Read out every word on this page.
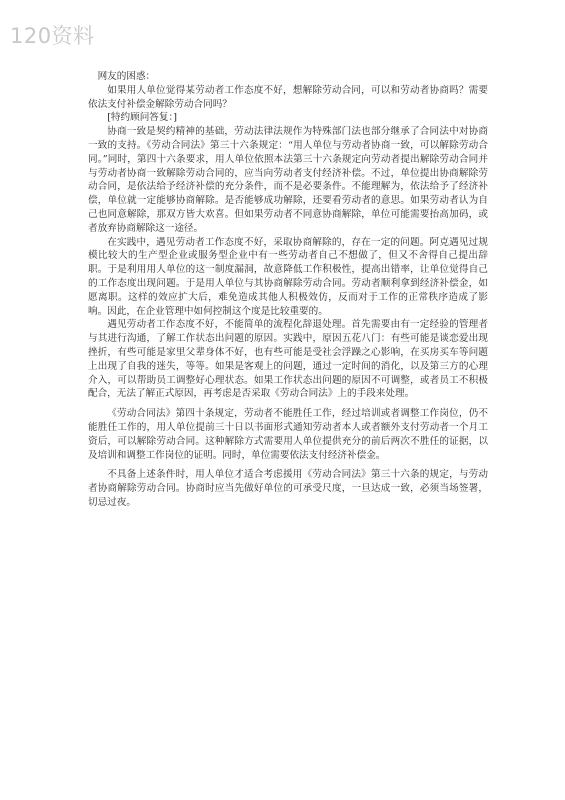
120资料

网友的困惑：

如果用人单位觉得某劳动者工作态度不好，想解除劳动合同，可以和劳动者协商吗？需要依法支付补偿金解除劳动合同吗？

[特约顾问答复：]

协商一致是契约精神的基础，劳动法律法规作为特殊部门法也部分继承了合同法中对协商一致的支持。《劳动合同法》第三十六条规定：“用人单位与劳动者协商一致，可以解除劳动合同。”同时，第四十六条要求，用人单位依照本法第三十六条规定向劳动者提出解除劳动合同并与劳动者协商一致解除劳动合同的，应当向劳动者支付经济补偿。不过，单位提出协商解除劳动合同，是依法给予经济补偿的充分条件，而不是必要条件。不能理解为，依法给予了经济补偿，单位就一定能够协商解除。是否能够成功解除，还要看劳动者的意思。如果劳动者认为自己也同意解除，那双方皆大欢喜。但如果劳动者不同意协商解除，单位可能需要抬高加码，或者放弃协商解除这一途径。

在实践中，遇见劳动者工作态度不好，采取协商解除的，存在一定的问题。阿克遇见过规模比较大的生产型企业或服务型企业中有一些劳动者自己不想做了，但又不舍得自己提出辞职。于是利用用人单位的这一制度漏洞，故意降低工作积极性，提高出错率，让单位觉得自己的工作态度出现问题。于是用人单位与其协商解除劳动合同。劳动者顺利拿到经济补偿金，如愿离职。这样的效应扩大后，难免造成其他人积极效仿，反而对于工作的正常秩序造成了影响。因此，在企业管理中如何控制这个度是比较重要的。

遇见劳动者工作态度不好，不能简单的流程化辞退处理。首先需要由有一定经验的管理者与其进行沟通，了解工作状态出问题的原因。实践中，原因五花八门：有些可能是谈恋爱出现挫折，有些可能是家里父辈身体不好，也有些可能是受社会浮躁之心影响，在买房买车等问题上出现了自我的迷失，等等。如果是客观上的问题，通过一定时间的消化，以及第三方的心理介入，可以帮助员工调整好心理状态。如果工作状态出问题的原因不可调整，或者员工不积极配合，无法了解正式原因，再考虑是否采取《劳动合同法》上的手段来处理。

《劳动合同法》第四十条规定，劳动者不能胜任工作，经过培训或者调整工作岗位，仍不能胜任工作的，用人单位提前三十日以书面形式通知劳动者本人或者额外支付劳动者一个月工资后，可以解除劳动合同。这种解除方式需要用人单位提供充分的前后两次不胜任的证据，以及培训和调整工作岗位的证明。同时，单位需要依法支付经济补偿金。

不具备上述条件时，用人单位才适合考虑援用《劳动合同法》第三十六条的规定，与劳动者协商解除劳动合同。协商时应当先做好单位的可承受尺度，一旦达成一致，必须当场签署，切忌过夜。
